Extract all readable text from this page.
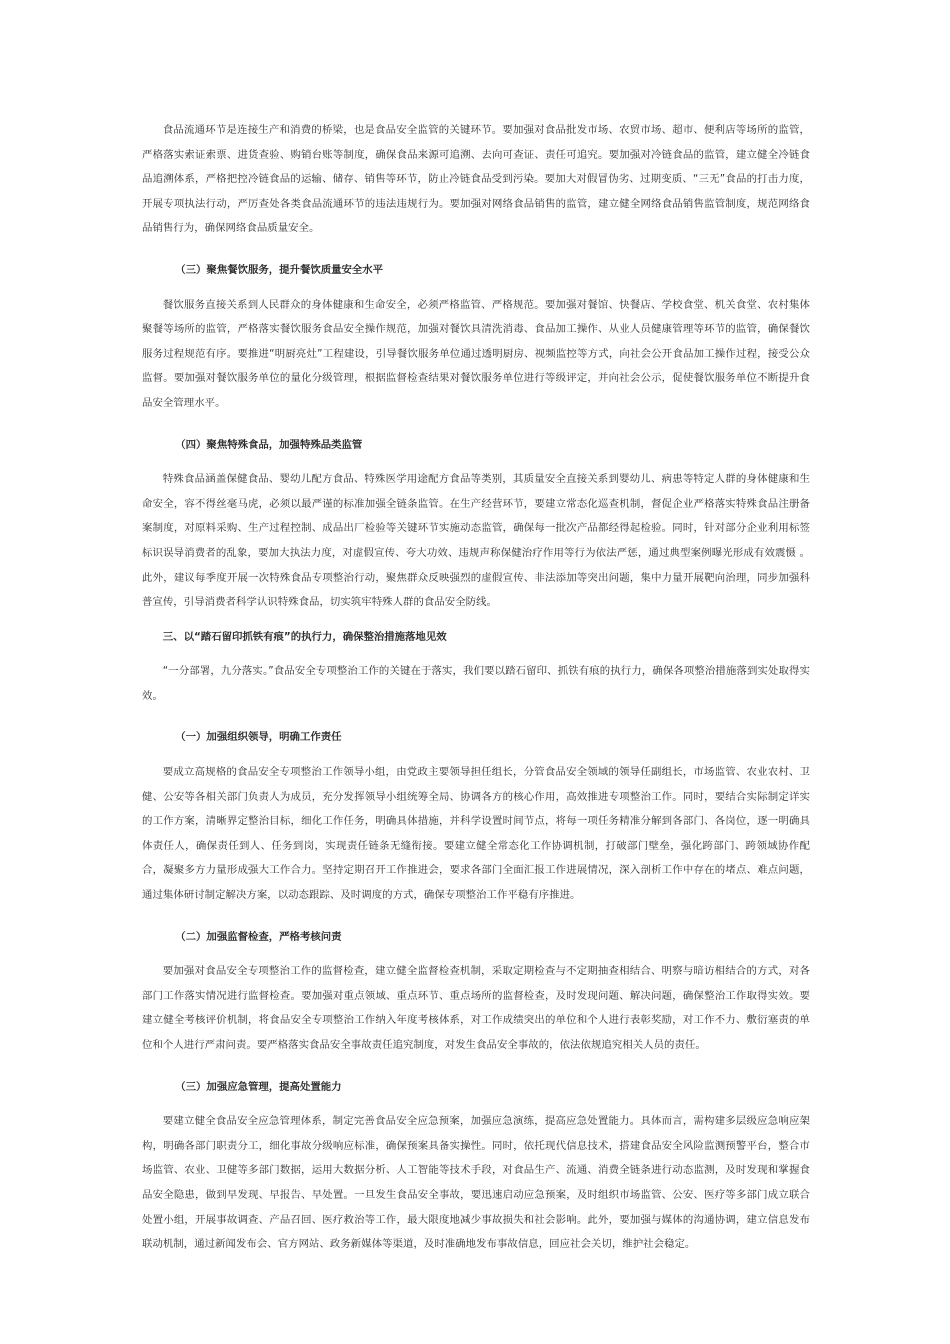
食品流通环节是连接生产和消费的桥梁，也是食品安全监管的关键环节。要加强对食品批发市场、农贸市场、超市、便利店等场所的监管，严格落实索证索票、进货查验、购销台账等制度，确保食品来源可追溯、去向可查证、责任可追究。要加强对冷链食品的监管，建立健全冷链食品追溯体系，严格把控冷链食品的运输、储存、销售等环节，防止冷链食品受到污染。要加大对假冒伪劣、过期变质、“三无”食品的打击力度，开展专项执法行动，严厉查处各类食品流通环节的违法违规行为。要加强对网络食品销售的监管，建立健全网络食品销售监管制度，规范网络食品销售行为，确保网络食品质量安全。

（三）聚焦餐饮服务，提升餐饮质量安全水平

餐饮服务直接关系到人民群众的身体健康和生命安全，必须严格监管、严格规范。要加强对餐馆、快餐店、学校食堂、机关食堂、农村集体聚餐等场所的监管，严格落实餐饮服务食品安全操作规范，加强对餐饮具清洗消毒、食品加工操作、从业人员健康管理等环节的监管，确保餐饮服务过程规范有序。要推进“明厨亮灶”工程建设，引导餐饮服务单位通过透明厨房、视频监控等方式，向社会公开食品加工操作过程，接受公众监督。要加强对餐饮服务单位的量化分级管理，根据监督检查结果对餐饮服务单位进行等级评定，并向社会公示，促使餐饮服务单位不断提升食品安全管理水平。

（四）聚焦特殊食品，加强特殊品类监管

特殊食品涵盖保健食品、婴幼儿配方食品、特殊医学用途配方食品等类别，其质量安全直接关系到婴幼儿、病患等特定人群的身体健康和生命安全，容不得丝毫马虎，必须以最严谨的标准加强全链条监管。在生产经营环节，要建立常态化巡查机制，督促企业严格落实特殊食品注册备案制度，对原料采购、生产过程控制、成品出厂检验等关键环节实施动态监管，确保每一批次产品都经得起检验。同时，针对部分企业利用标签标识误导消费者的乱象，要加大执法力度，对虚假宣传、夸大功效、违规声称保健治疗作用等行为依法严惩，通过典型案例曝光形成有效震慑 。此外，建议每季度开展一次特殊食品专项整治行动，聚焦群众反映强烈的虚假宣传、非法添加等突出问题，集中力量开展靶向治理，同步加强科普宣传，引导消费者科学认识特殊食品，切实筑牢特殊人群的食品安全防线。

三、以“踏石留印抓铁有痕”的执行力，确保整治措施落地见效

“一分部署，九分落实。”食品安全专项整治工作的关键在于落实，我们要以踏石留印、抓铁有痕的执行力，确保各项整治措施落到实处取得实效。

（一）加强组织领导，明确工作责任

要成立高规格的食品安全专项整治工作领导小组，由党政主要领导担任组长，分管食品安全领域的领导任副组长，市场监管、农业农村、卫健、公安等各相关部门负责人为成员，充分发挥领导小组统筹全局、协调各方的核心作用，高效推进专项整治工作。同时，要结合实际制定详实的工作方案，清晰界定整治目标，细化工作任务，明确具体措施，并科学设置时间节点，将每一项任务精准分解到各部门、各岗位，逐一明确具体责任人，确保责任到人、任务到岗，实现责任链条无缝衔接。要建立健全常态化工作协调机制，打破部门壁垒，强化跨部门、跨领域协作配合，凝聚多方力量形成强大工作合力。坚持定期召开工作推进会，要求各部门全面汇报工作进展情况，深入剖析工作中存在的堵点、难点问题，通过集体研讨制定解决方案，以动态跟踪、及时调度的方式，确保专项整治工作平稳有序推进。

（二）加强监督检查，严格考核问责

要加强对食品安全专项整治工作的监督检查，建立健全监督检查机制，采取定期检查与不定期抽查相结合、明察与暗访相结合的方式，对各部门工作落实情况进行监督检查。要加强对重点领域、重点环节、重点场所的监督检查，及时发现问题、解决问题，确保整治工作取得实效。要建立健全考核评价机制，将食品安全专项整治工作纳入年度考核体系，对工作成绩突出的单位和个人进行表彰奖励，对工作不力、敷衍塞责的单位和个人进行严肃问责。要严格落实食品安全事故责任追究制度，对发生食品安全事故的，依法依规追究相关人员的责任。

（三）加强应急管理，提高处置能力

要建立健全食品安全应急管理体系，制定完善食品安全应急预案，加强应急演练，提高应急处置能力。具体而言，需构建多层级应急响应架构，明确各部门职责分工，细化事故分级响应标准，确保预案具备实操性。同时，依托现代信息技术，搭建食品安全风险监测预警平台，整合市场监管、农业、卫健等多部门数据，运用大数据分析、人工智能等技术手段，对食品生产、流通、消费全链条进行动态监测，及时发现和掌握食品安全隐患，做到早发现、早报告、早处置。一旦发生食品安全事故，要迅速启动应急预案，及时组织市场监管、公安、医疗等多部门成立联合处置小组，开展事故调查、产品召回、医疗救治等工作，最大限度地减少事故损失和社会影响。此外，要加强与媒体的沟通协调，建立信息发布联动机制，通过新闻发布会、官方网站、政务新媒体等渠道，及时准确地发布事故信息，回应社会关切，维护社会稳定。
